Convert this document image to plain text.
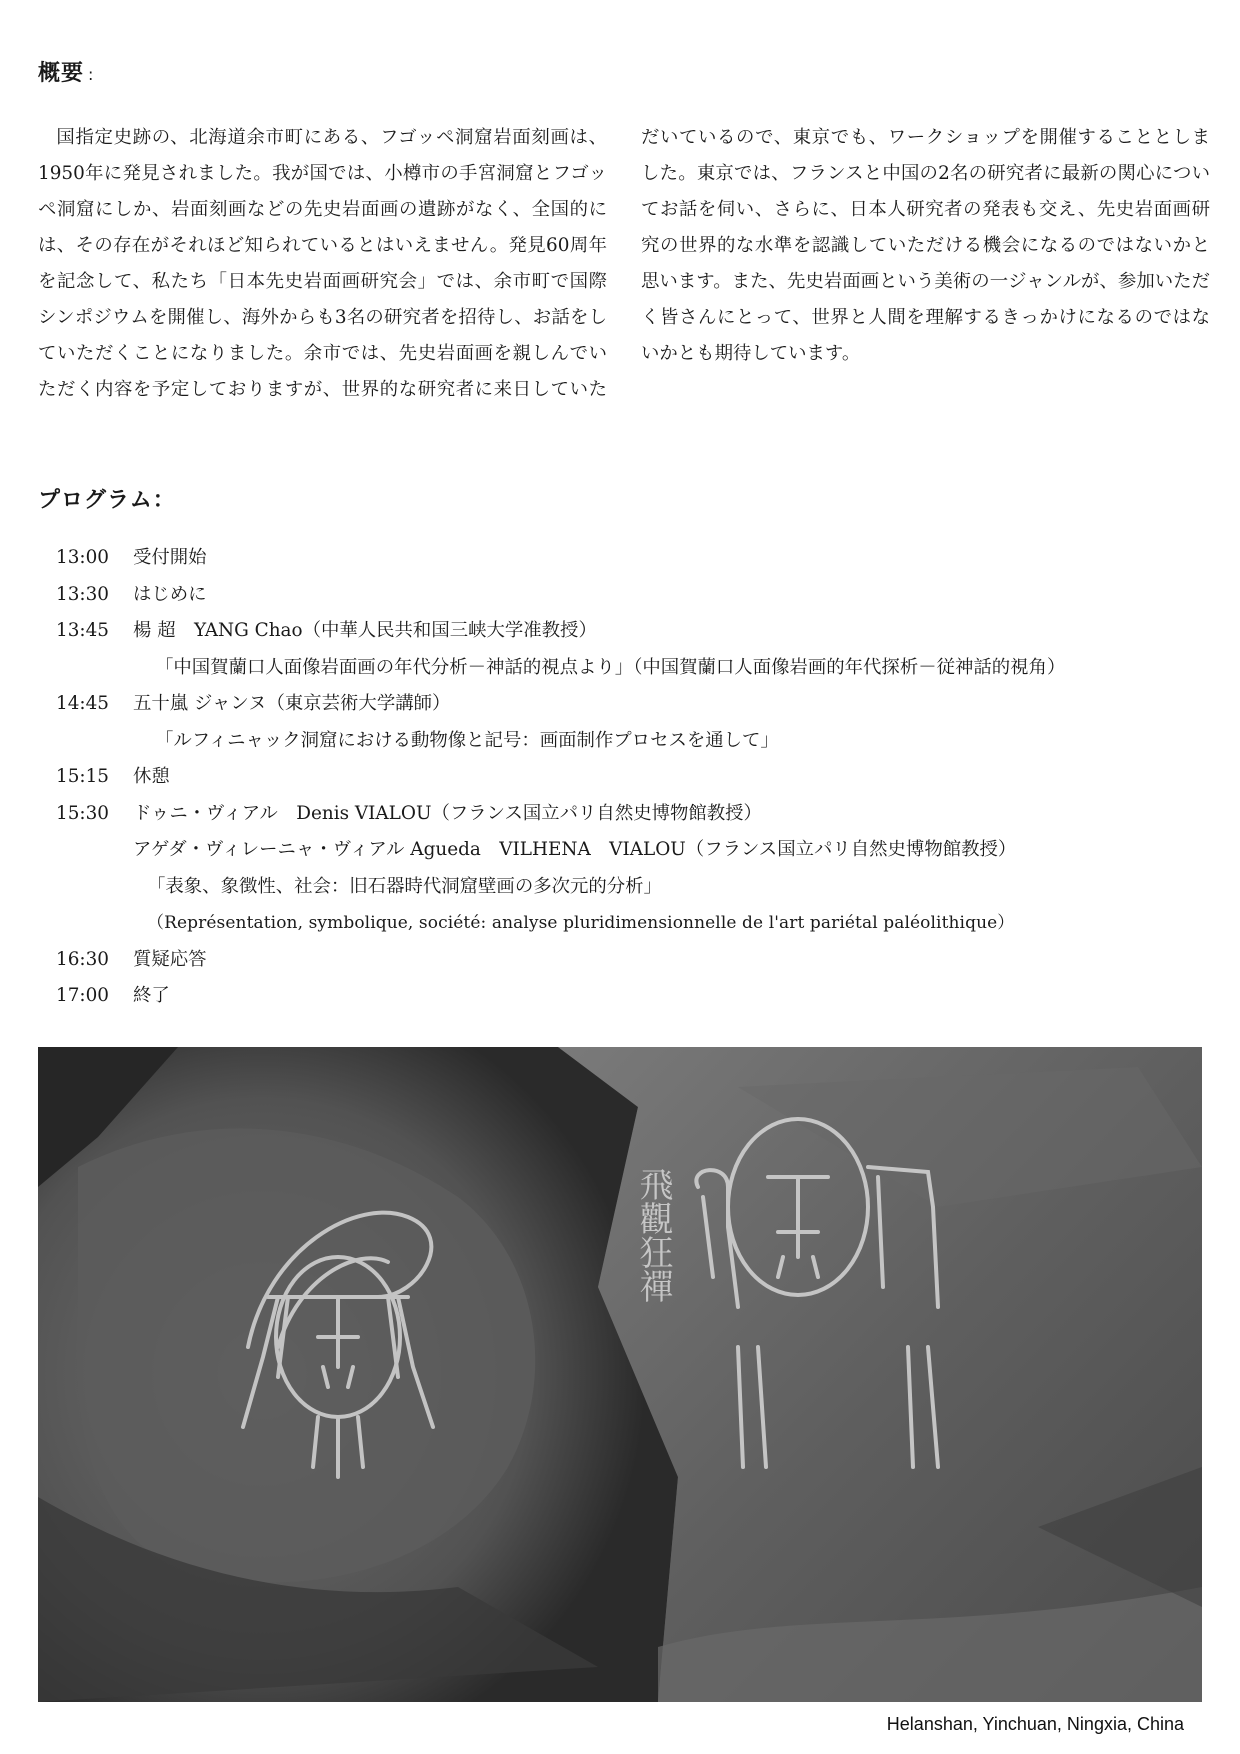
概要 :

国指定史跡の、北海道余市町にある、フゴッペ洞窟岩面刻画は、1950年に発見されました。我が国では、小樽市の手宮洞窟とフゴッペ洞窟にしか、岩面刻画などの先史岩面画の遺跡がなく、全国的には、その存在がそれほど知られているとはいえません。発見60周年を記念して、私たち「日本先史岩面画研究会」では、余市町で国際シンポジウムを開催し、海外からも3名の研究者を招待し、お話をしていただくことになりました。余市では、先史岩面画を親しんでいただく内容を予定しておりますが、世界的な研究者に来日していただいているので、東京でも、ワークショップを開催することとしました。東京では、フランスと中国の2名の研究者に最新の関心についてお話を伺い、さらに、日本人研究者の発表も交え、先史岩面画研究の世界的な水準を認識していただける機会になるのではないかと思います。また、先史岩面画という美術の一ジャンルが、参加いただく皆さんにとって、世界と人間を理解するきっかけになるのではないかとも期待しています。

プログラム：
13:00	受付開始
13:30	はじめに
13:45	楊 超　YANG Chao（中華人民共和国三峡大学准教授）
「中国賀蘭口人面像岩面画の年代分析－神話的視点より」（中国賀蘭口人面像岩画的年代探析－従神話的視角）
14:45	五十嵐 ジャンヌ（東京芸術大学講師）
「ルフィニャック洞窟における動物像と記号：画面制作プロセスを通して」
15:15	休憩
15:30	ドゥニ・ヴィアル　Denis VIALOU（フランス国立パリ自然史博物館教授）
アゲダ・ヴィレーニャ・ヴィアル Agueda　VILHENA　VIALOU（フランス国立パリ自然史博物館教授）
「表象、象徴性、社会：旧石器時代洞窟壁画の多次元的分析」
（Représentation, symbolique, société: analyse pluridimensionnelle de l'art pariétal paléolithique）
16:30	質疑応答
17:00	終了
飛觀狂禪
Helanshan, Yinchuan, Ningxia, China
